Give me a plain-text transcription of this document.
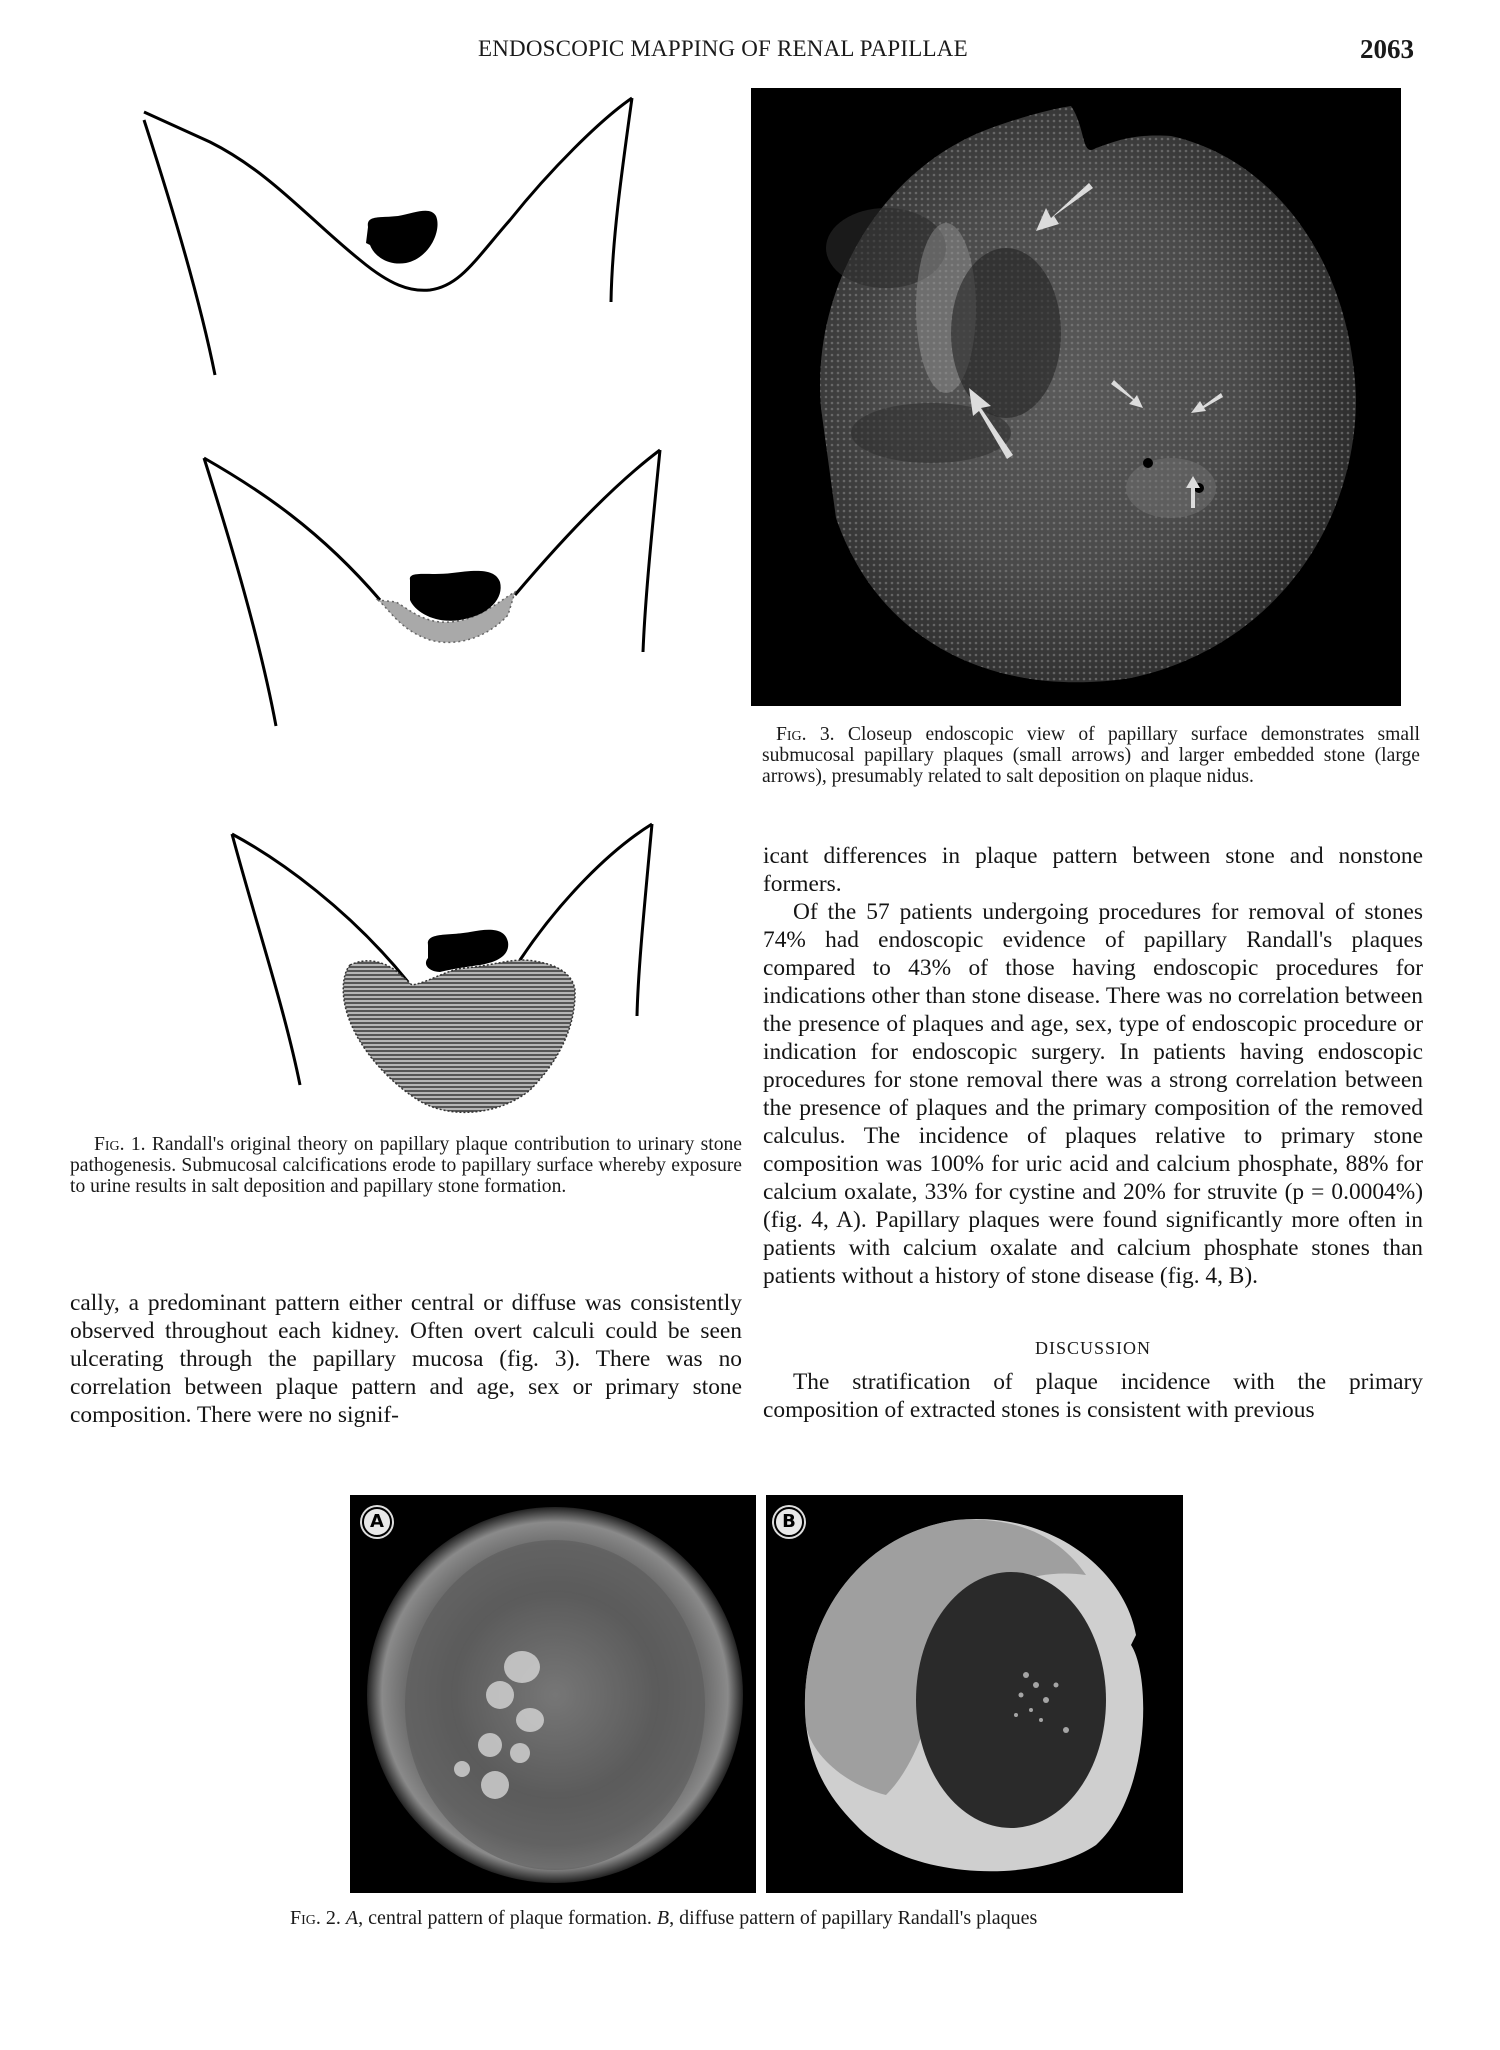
ENDOSCOPIC MAPPING OF RENAL PAPILLAE	2063
Fig. 1. Randall's original theory on papillary plaque contribution to urinary stone pathogenesis. Submucosal calcifications erode to papillary surface whereby exposure to urine results in salt deposition and papillary stone formation.
Fig. 3. Closeup endoscopic view of papillary surface demonstrates small submucosal papillary plaques (small arrows) and larger embedded stone (large arrows), presumably related to salt deposition on plaque nidus.

cally, a predominant pattern either central or diffuse was consistently observed throughout each kidney. Often overt calculi could be seen ulcerating through the papillary mucosa (fig. 3). There was no correlation between plaque pattern and age, sex or primary stone composition. There were no signif-

icant differences in plaque pattern between stone and nonstone formers.

Of the 57 patients undergoing procedures for removal of stones 74% had endoscopic evidence of papillary Randall's plaques compared to 43% of those having endoscopic procedures for indications other than stone disease. There was no correlation between the presence of plaques and age, sex, type of endoscopic procedure or indication for endoscopic surgery. In patients having endoscopic procedures for stone removal there was a strong correlation between the presence of plaques and the primary composition of the removed calculus. The incidence of plaques relative to primary stone composition was 100% for uric acid and calcium phosphate, 88% for calcium oxalate, 33% for cystine and 20% for struvite (p = 0.0004%) (fig. 4, A). Papillary plaques were found significantly more often in patients with calcium oxalate and calcium phosphate stones than patients without a history of stone disease (fig. 4, B).

DISCUSSION

The stratification of plaque incidence with the primary composition of extracted stones is consistent with previous

A	B
Fig. 2. A, central pattern of plaque formation. B, diffuse pattern of papillary Randall's plaques
